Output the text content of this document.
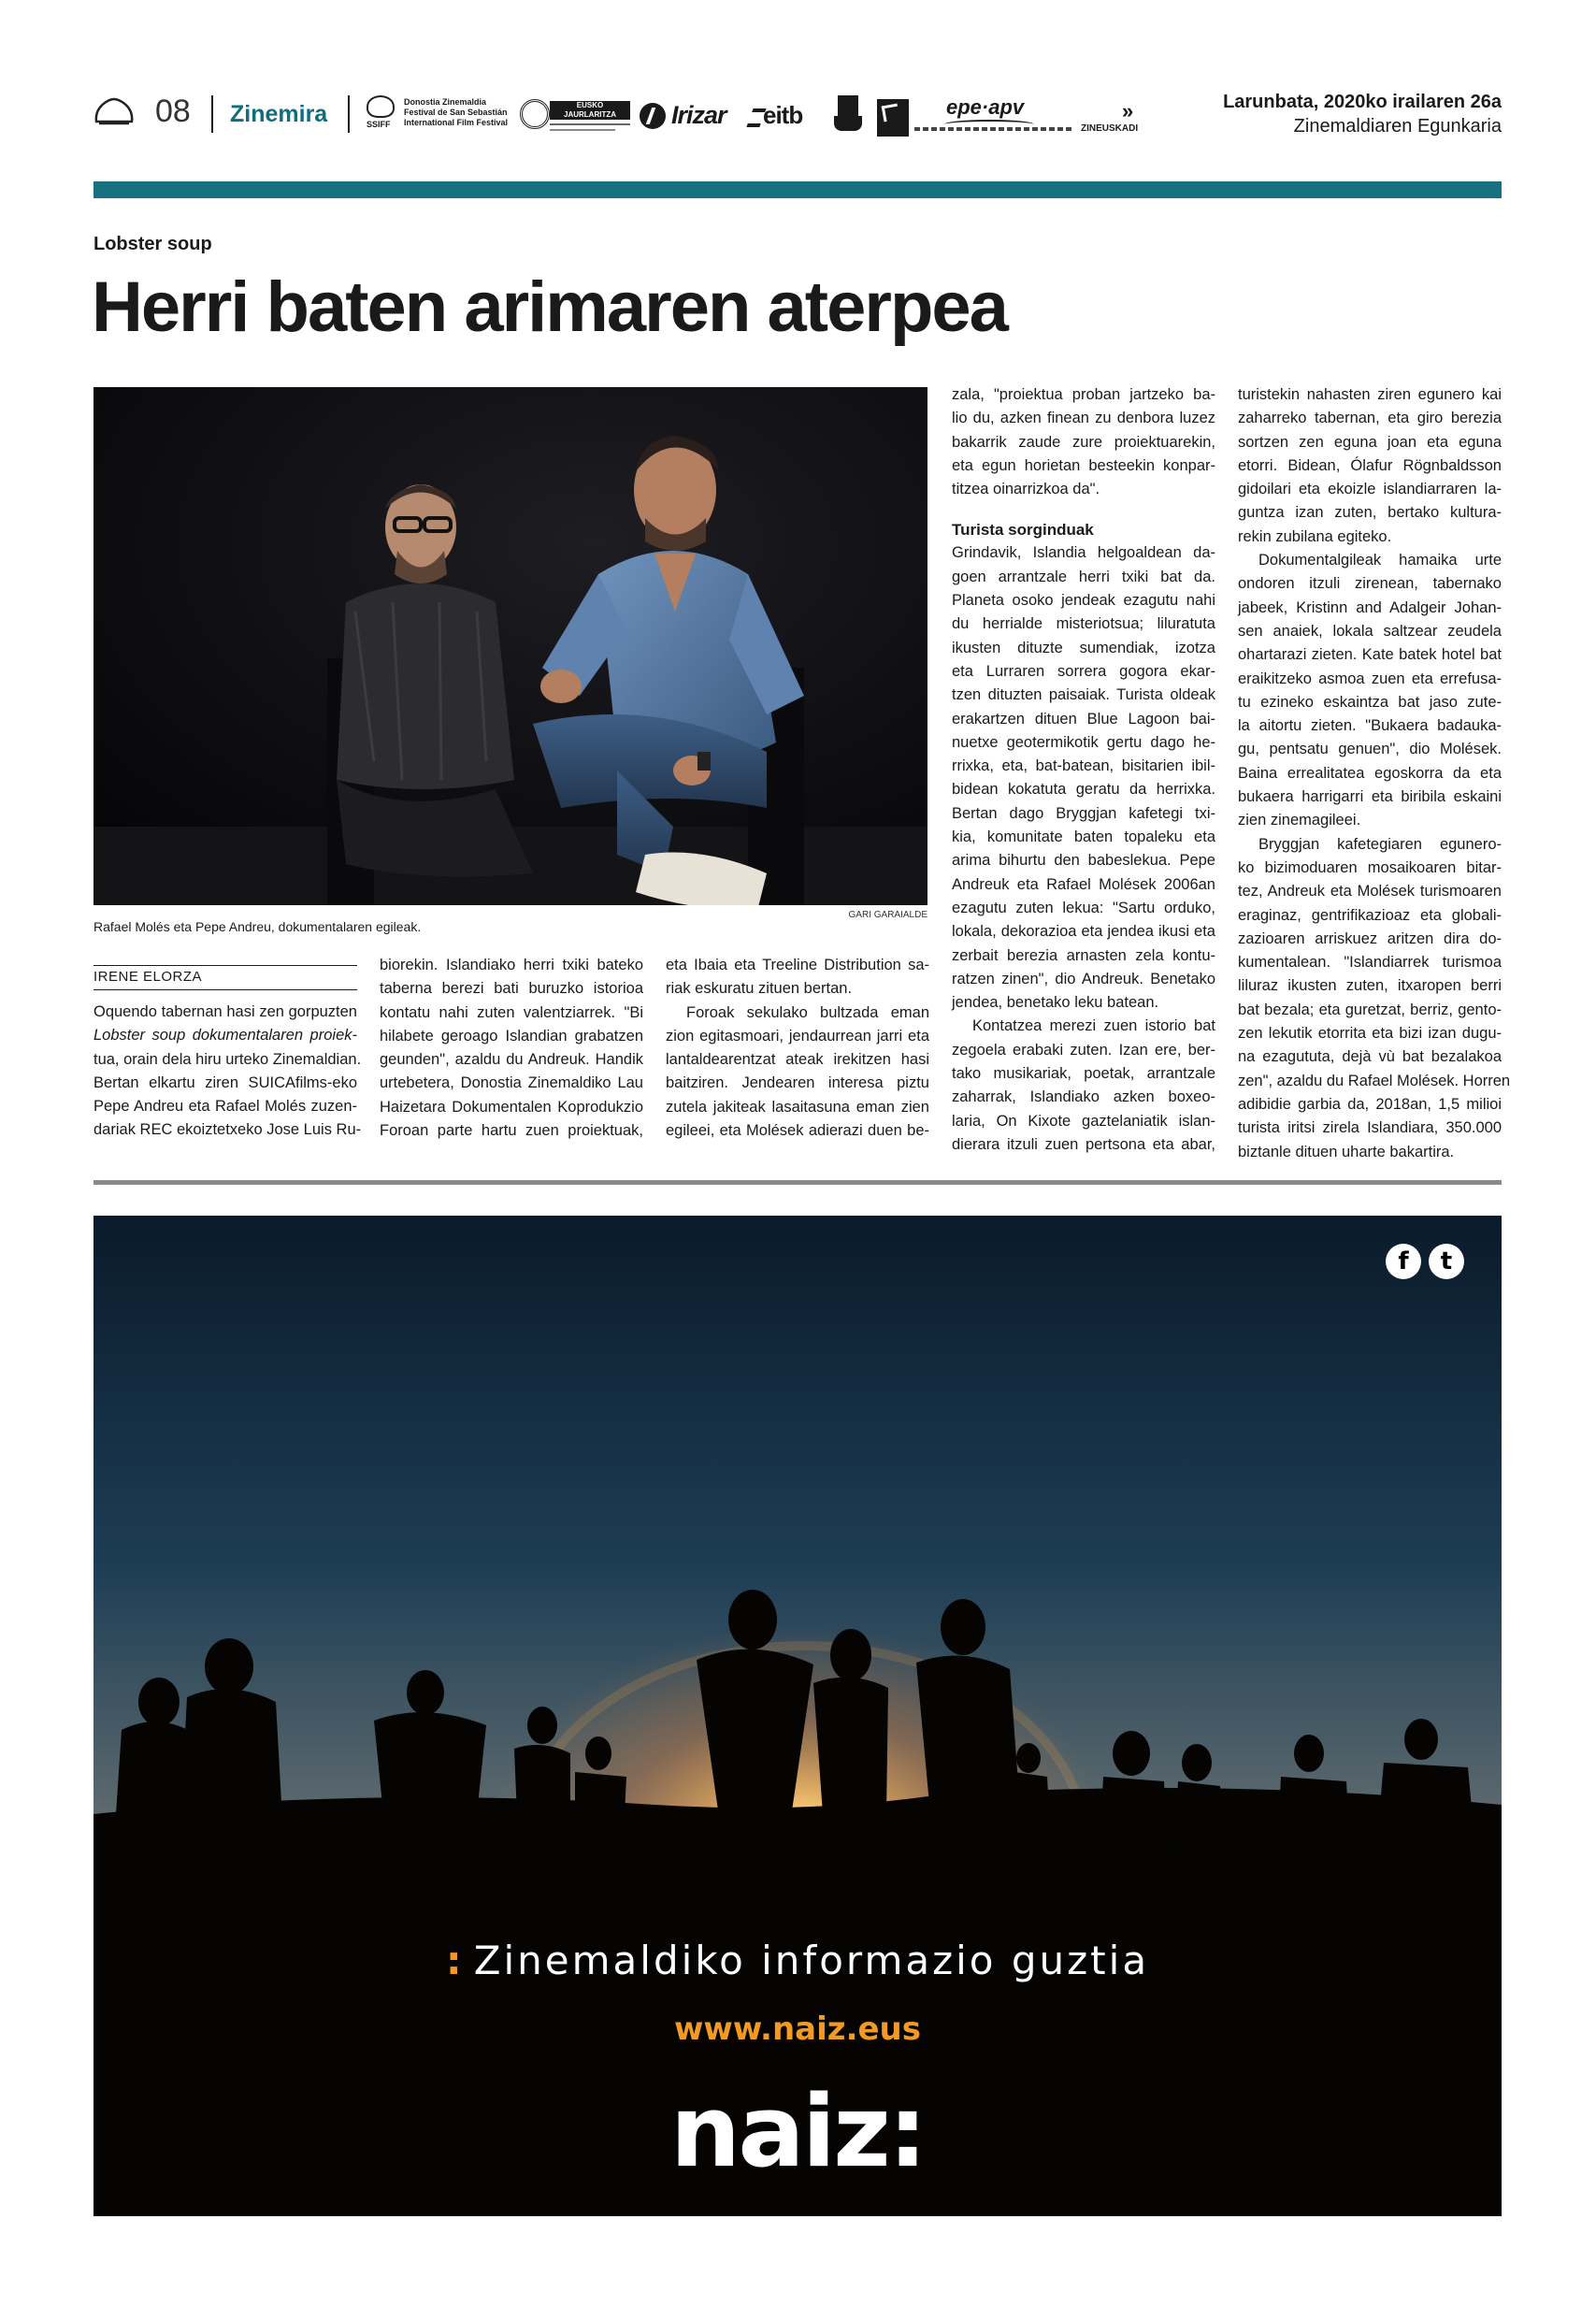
08 Zinemira	SSIFF
Donostia Zinemaldia
Festival de San Sebastián
International Film Festival
EUSKO JAURLARITZA	Irizar eitb	epe·apv	»
ZINEUSKADI
Larunbata, 2020ko irailaren 26a
Zinemaldiaren Egunkaria
Lobster soup
Herri baten arimaren aterpea
GARI GARAIALDE
Rafael Molés eta Pepe Andreu, dokumentalaren egileak.
IRENE ELORZA
Oquendo tabernan hasi zen gorpuzten
Lobster soup dokumentalaren proiek-
tua, orain dela hiru urteko Zinemaldian.
Bertan elkartu ziren SUICAfilms-eko
Pepe Andreu eta Rafael Molés zuzen-
dariak REC ekoiztetxeko Jose Luis Ru-
biorekin. Islandiako herri txiki bateko
taberna berezi bati buruzko istorioa
kontatu nahi zuten valentziarrek. "Bi
hilabete geroago Islandian grabatzen
geunden", azaldu du Andreuk. Handik
urtebetera, Donostia Zinemaldiko Lau
Haizetara Dokumentalen Koprodukzio
Foroan parte hartu zuen proiektuak,
eta Ibaia eta Treeline Distribution sa-
riak eskuratu zituen bertan.
Foroak sekulako bultzada eman
zion egitasmoari, jendaurrean jarri eta
lantaldearentzat ateak irekitzen hasi
baitziren. Jendearen interesa piztu
zutela jakiteak lasaitasuna eman zien
egileei, eta Molések adierazi duen be-
zala, "proiektua proban jartzeko ba-
lio du, azken finean zu denbora luzez
bakarrik zaude zure proiektuarekin,
eta egun horietan besteekin konpar-
titzea oinarrizkoa da".
Turista sorginduak
Grindavik, Islandia helgoaldean da-
goen arrantzale herri txiki bat da.
Planeta osoko jendeak ezagutu nahi
du herrialde misteriotsua; liluratuta
ikusten dituzte sumendiak, izotza
eta Lurraren sorrera gogora ekar-
tzen dituzten paisaiak. Turista oldeak
erakartzen dituen Blue Lagoon bai-
nuetxe geotermikotik gertu dago he-
rrixka, eta, bat-batean, bisitarien ibil-
bidean kokatuta geratu da herrixka.
Bertan dago Bryggjan kafetegi txi-
kia, komunitate baten topaleku eta
arima bihurtu den babeslekua. Pepe
Andreuk eta Rafael Molések 2006an
ezagutu zuten lekua: "Sartu orduko,
lokala, dekorazioa eta jendea ikusi eta
zerbait berezia arnasten zela kontu-
ratzen zinen", dio Andreuk. Benetako
jendea, benetako leku batean.
Kontatzea merezi zuen istorio bat
zegoela erabaki zuten. Izan ere, ber-
tako musikariak, poetak, arrantzale
zaharrak, Islandiako azken boxeo-
laria, On Kixote gaztelaniatik islan-
dierara itzuli zuen pertsona eta abar,
turistekin nahasten ziren egunero kai
zaharreko tabernan, eta giro berezia
sortzen zen eguna joan eta eguna
etorri. Bidean, Ólafur Rögnbaldsson
gidoilari eta ekoizle islandiarraren la-
guntza izan zuten, bertako kultura-
rekin zubilana egiteko.
Dokumentalgileak hamaika urte
ondoren itzuli zirenean, tabernako
jabeek, Kristinn and Adalgeir Johan-
sen anaiek, lokala saltzear zeudela
ohartarazi zieten. Kate batek hotel bat
eraikitzeko asmoa zuen eta errefusa-
tu ezineko eskaintza bat jaso zute-
la aitortu zieten. "Bukaera badauka-
gu, pentsatu genuen", dio Molések.
Baina errealitatea egoskorra da eta
bukaera harrigarri eta biribila eskaini
zien zinemagileei.
Bryggjan kafetegiaren egunero-
ko bizimoduaren mosaikoaren bitar-
tez, Andreuk eta Molések turismoaren
eraginaz, gentrifikazioaz eta globali-
zazioaren arriskuez aritzen dira do-
kumentalean. "Islandiarrek turismoa
liluraz ikusten zuten, itxaropen berri
bat bezala; eta guretzat, berriz, gento-
zen lekutik etorrita eta bizi izan dugu-
na ezagututa, dejà vù bat bezalakoa
zen", azaldu du Rafael Molések. Horren
adibidie garbia da, 2018an, 1,5 milioi
turista iritsi zirela Islandiara, 350.000
biztanle dituen uharte bakartira.
f	t
: Zinemaldiko informazio guztia
www.naiz.eus
naiz:
